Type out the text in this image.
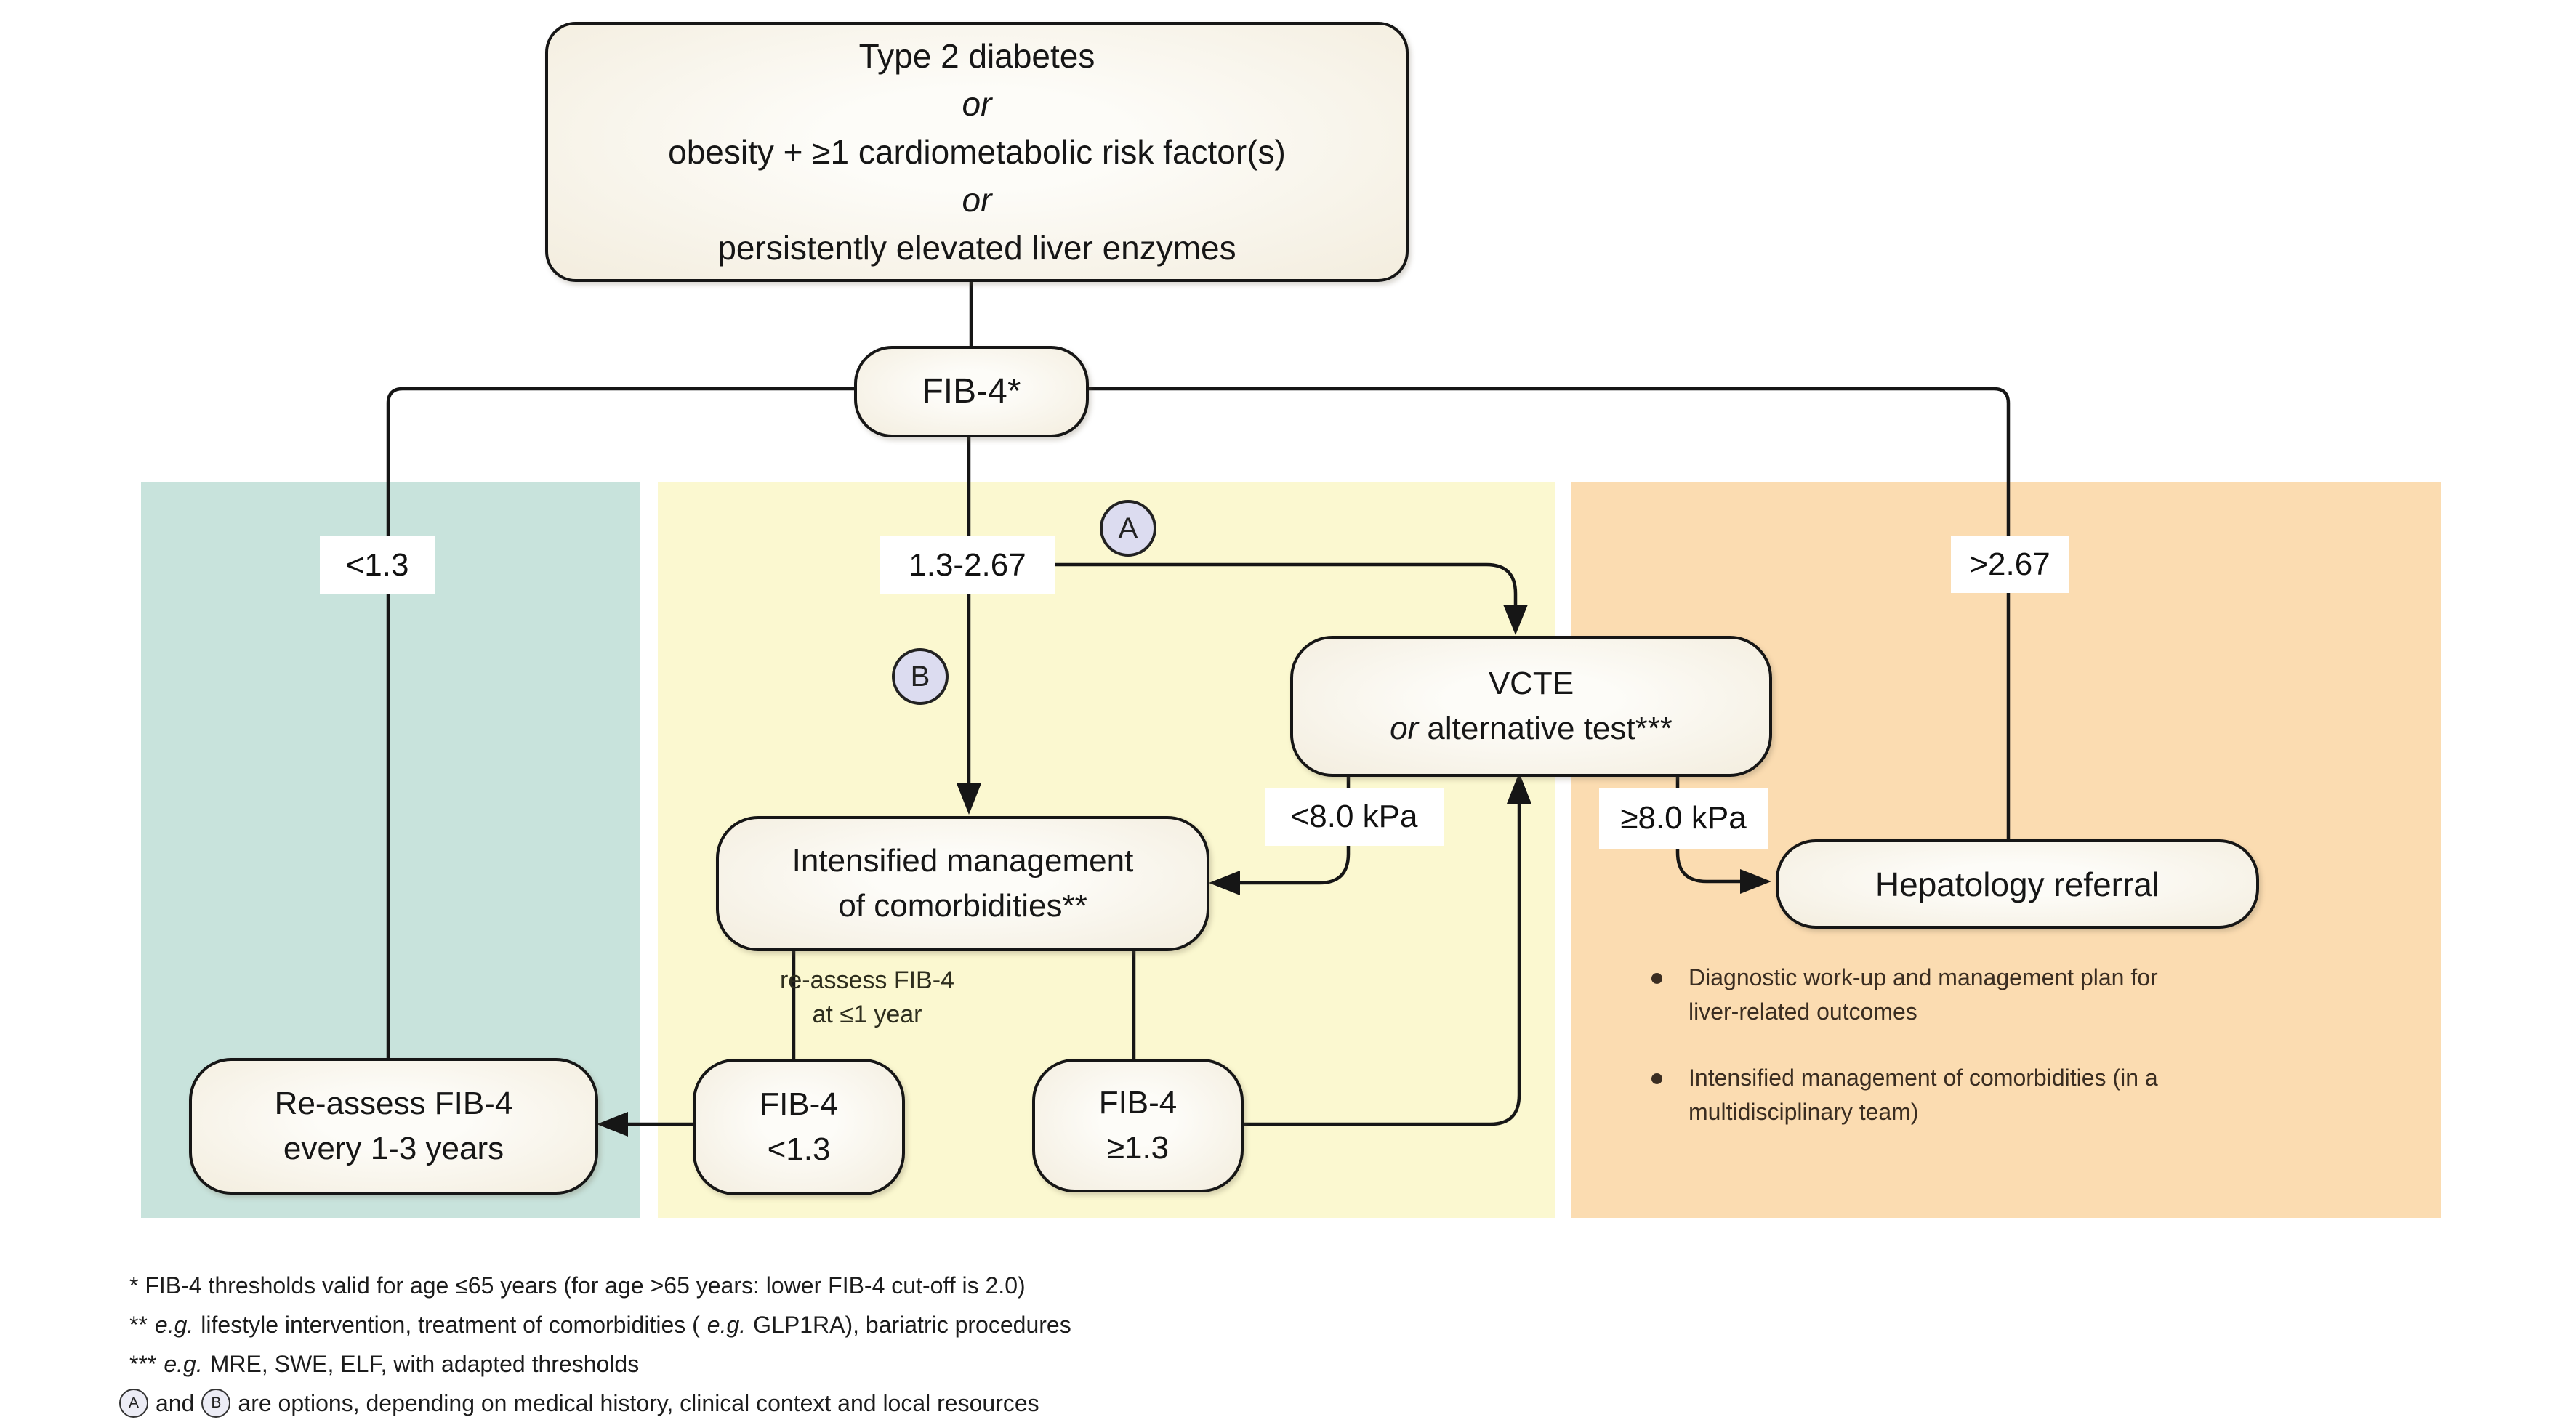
Type 2 diabetes
or
obesity + ≥1 cardiometabolic risk factor(s)
or
persistently elevated liver enzymes
FIB-4*
VCTE
or alternative test***
Intensified management
of comorbidities**
Re-assess FIB-4
every 1-3 years
FIB-4
<1.3
FIB-4
≥1.3
Hepatology referral
<1.3	1.3-2.67	>2.67
<8.0 kPa	≥8.0 kPa
A
B
re-assess FIB-4
at ≤1 year
Diagnostic work-up and management plan for
liver-related outcomes
Intensified management of comorbidities (in a
multidisciplinary team)
* FIB-4 thresholds valid for age ≤65 years (for age >65 years: lower FIB-4 cut-off is 2.0)
** e.g. lifestyle intervention, treatment of comorbidities ( e.g. GLP1RA), bariatric procedures
*** e.g. MRE, SWE, ELF, with adapted thresholds
A and	B are options, depending on medical history, clinical context and local resources
